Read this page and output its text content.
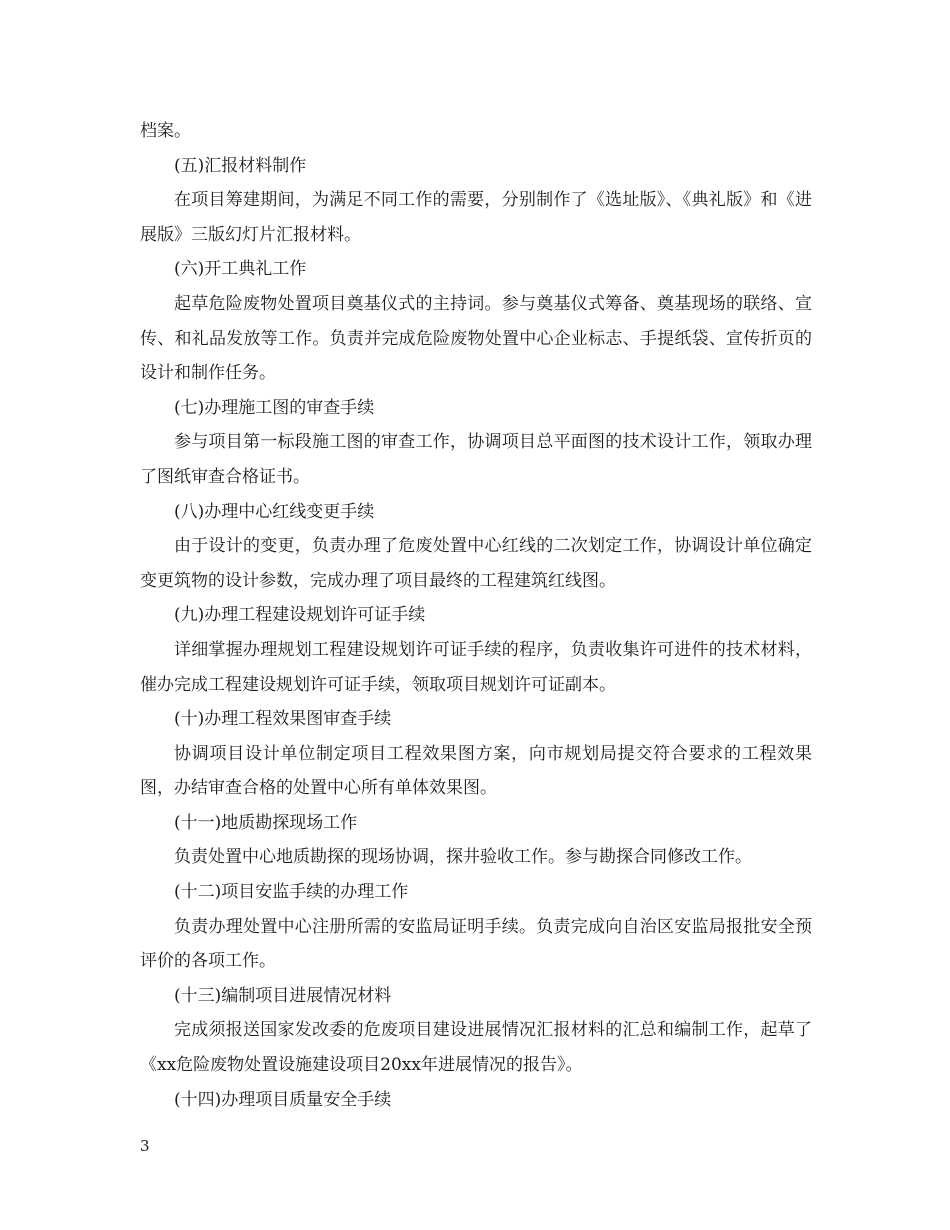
档案。

(五)汇报材料制作

在项目筹建期间，为满足不同工作的需要，分别制作了《选址版》、《典礼版》和《进展版》三版幻灯片汇报材料。

(六)开工典礼工作

起草危险废物处置项目奠基仪式的主持词。参与奠基仪式筹备、奠基现场的联络、宣传、和礼品发放等工作。负责并完成危险废物处置中心企业标志、手提纸袋、宣传折页的设计和制作任务。

(七)办理施工图的审查手续

参与项目第一标段施工图的审查工作，协调项目总平面图的技术设计工作，领取办理了图纸审查合格证书。

(八)办理中心红线变更手续

由于设计的变更，负责办理了危废处置中心红线的二次划定工作，协调设计单位确定变更筑物的设计参数，完成办理了项目最终的工程建筑红线图。

(九)办理工程建设规划许可证手续

详细掌握办理规划工程建设规划许可证手续的程序，负责收集许可进件的技术材料，催办完成工程建设规划许可证手续，领取项目规划许可证副本。

(十)办理工程效果图审查手续

协调项目设计单位制定项目工程效果图方案，向市规划局提交符合要求的工程效果图，办结审查合格的处置中心所有单体效果图。

(十一)地质勘探现场工作

负责处置中心地质勘探的现场协调，探井验收工作。参与勘探合同修改工作。

(十二)项目安监手续的办理工作

负责办理处置中心注册所需的安监局证明手续。负责完成向自治区安监局报批安全预评价的各项工作。

(十三)编制项目进展情况材料

完成须报送国家发改委的危废项目建设进展情况汇报材料的汇总和编制工作，起草了《xx危险废物处置设施建设项目20xx年进展情况的报告》。

(十四)办理项目质量安全手续

3
